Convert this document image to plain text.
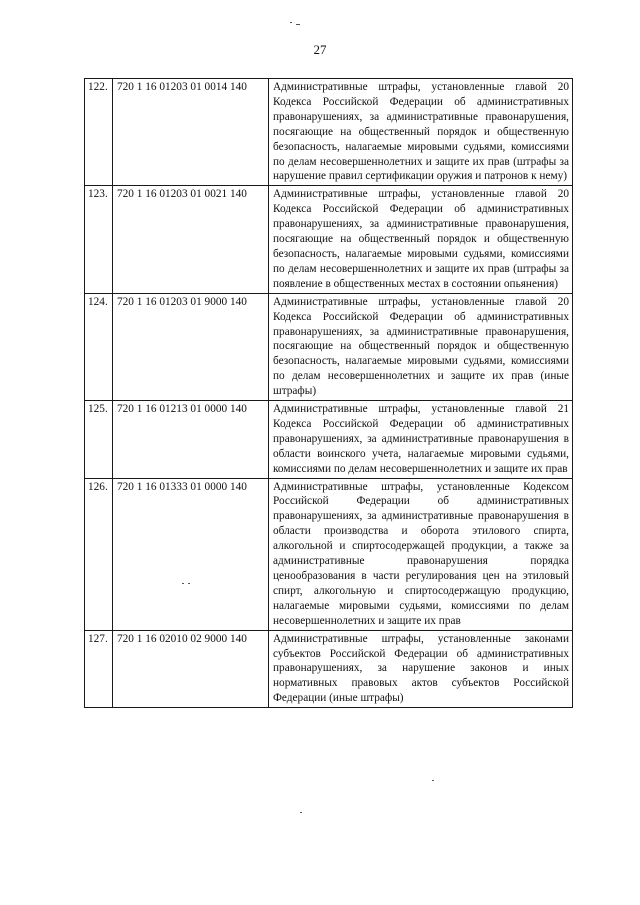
27
122.	720 1 16 01203 01 0014 140	Административные штрафы, установленные главой 20 Кодекса Российской Федерации об административных правонарушениях, за административные правонарушения, посягающие на общественный порядок и общественную безопасность, налагаемые мировыми судьями, комиссиями по делам несовершеннолетних и защите их прав (штрафы за нарушение правил сертификации оружия и патронов к нему)
123.	720 1 16 01203 01 0021 140	Административные штрафы, установленные главой 20 Кодекса Российской Федерации об административных правонарушениях, за административные правонарушения, посягающие на общественный порядок и общественную безопасность, налагаемые мировыми судьями, комиссиями по делам несовершеннолетних и защите их прав (штрафы за появление в общественных местах в состоянии опьянения)
124.	720 1 16 01203 01 9000 140	Административные штрафы, установленные главой 20 Кодекса Российской Федерации об административных правонарушениях, за административные правонарушения, посягающие на общественный порядок и общественную безопасность, налагаемые мировыми судьями, комиссиями по делам несовершеннолетних и защите их прав (иные штрафы)
125.	720 1 16 01213 01 0000 140	Административные штрафы, установленные главой 21 Кодекса Российской Федерации об административных правонарушениях, за административные правонарушения в области воинского учета, налагаемые мировыми судьями, комиссиями по делам несовершеннолетних и защите их прав
126.	720 1 16 01333 01 0000 140	Административные штрафы, установленные Кодексом Российской Федерации об административных правонарушениях, за административные правонарушения в области производства и оборота этилового спирта, алкогольной и спиртосодержащей продукции, а также за административные правонарушения порядка ценообразования в части регулирования цен на этиловый спирт, алкогольную и спиртосодержащую продукцию, налагаемые мировыми судьями, комиссиями по делам несовершеннолетних и защите их прав
127.	720 1 16 02010 02 9000 140	Административные штрафы, установленные законами субъектов Российской Федерации об административных правонарушениях, за нарушение законов и иных нормативных правовых актов субъектов Российской Федерации (иные штрафы)
